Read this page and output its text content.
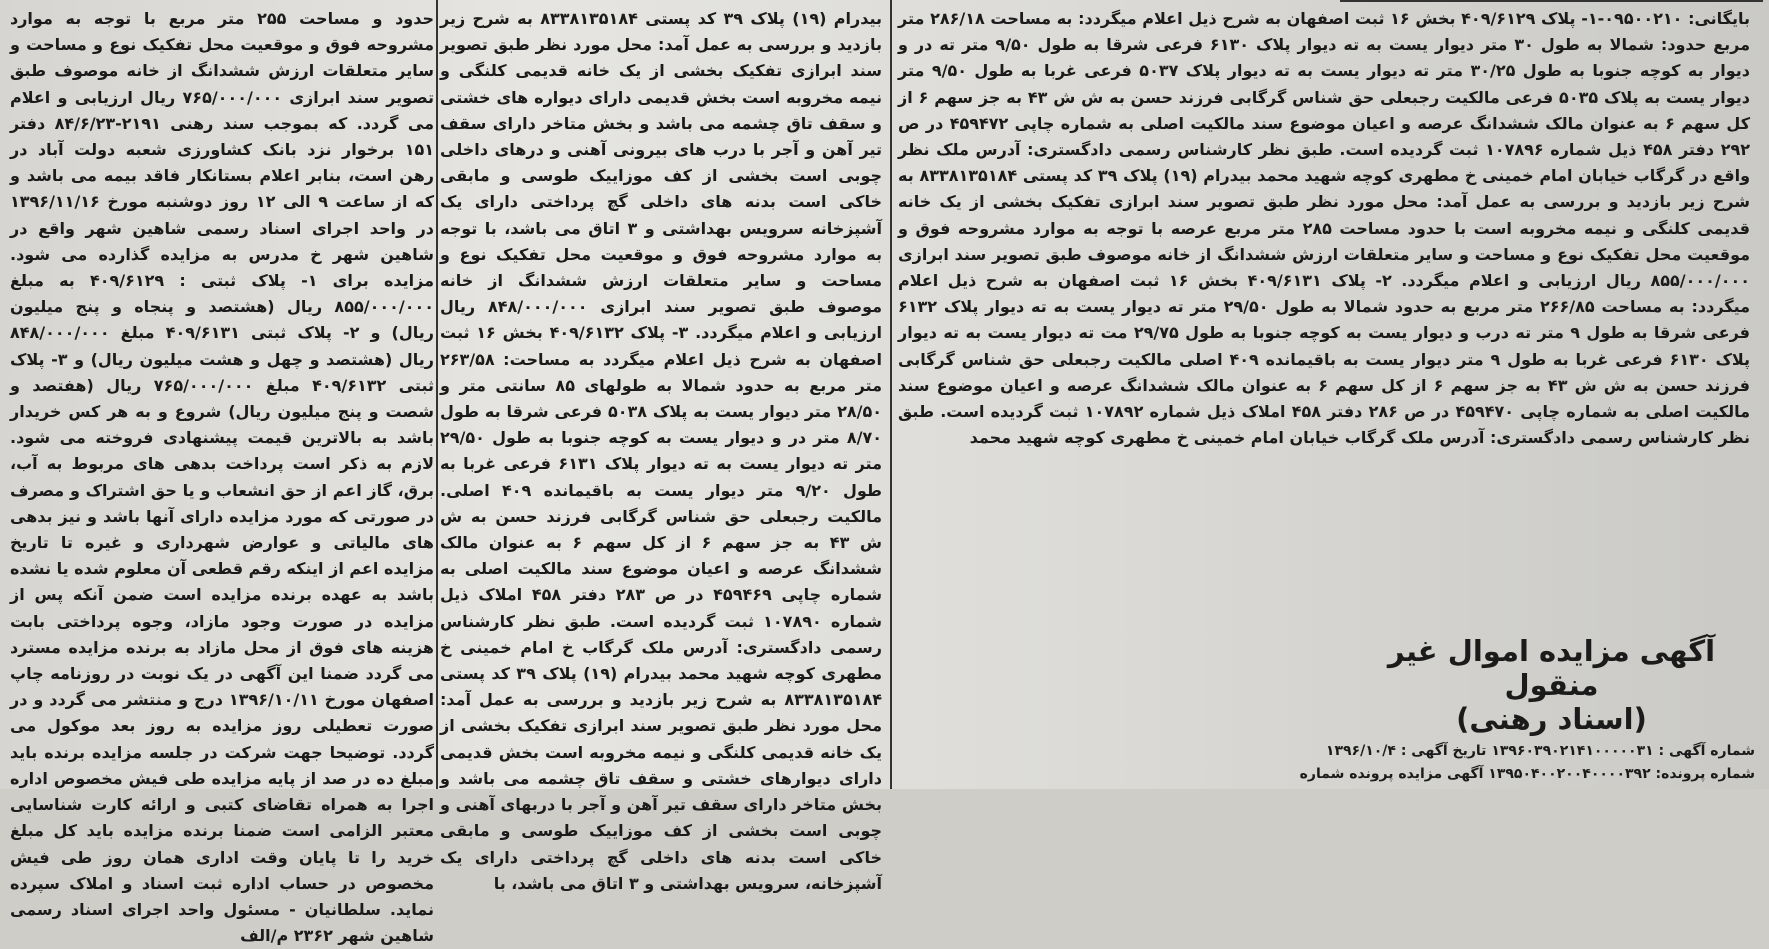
حدود و مساحت ۲۵۵ متر مربع با توجه به موارد مشروحه فوق و موقعیت محل تفکیک نوع و مساحت و سایر متعلقات ارزش ششدانگ از خانه موصوف طبق تصویر سند ابرازی ۷۶۵/۰۰۰/۰۰۰ ریال ارزیابی و اعلام می گردد. که بموجب سند رهنی ۲۱۹۱-۸۴/۶/۲۳ دفتر ۱۵۱ برخوار نزد بانک کشاورزی شعبه دولت آباد در رهن است، بنابر اعلام بستانکار فاقد بیمه می باشد و که از ساعت ۹ الی ۱۲ روز دوشنبه مورخ ۱۳۹۶/۱۱/۱۶ در واحد اجرای اسناد رسمی شاهین شهر واقع در شاهین شهر خ مدرس به مزایده گذارده می شود. مزایده برای ۱- پلاک ثبتی : ۴۰۹/۶۱۲۹ به مبلغ ۸۵۵/۰۰۰/۰۰۰ ریال (هشتصد و پنجاه و پنج میلیون ریال) و ۲- پلاک ثبتی ۴۰۹/۶۱۳۱ مبلغ ۸۴۸/۰۰۰/۰۰۰ ریال (هشتصد و چهل و هشت میلیون ریال) و ۳- پلاک ثبتی ۴۰۹/۶۱۳۲ مبلغ ۷۶۵/۰۰۰/۰۰۰ ریال (هفتصد و شصت و پنج میلیون ریال) شروع و به هر کس خریدار باشد به بالاترین قیمت پیشنهادی فروخته می شود. لازم به ذکر است پرداخت بدهی های مربوط به آب، برق، گاز اعم از حق انشعاب و یا حق اشتراک و مصرف در صورتی که مورد مزایده دارای آنها باشد و نیز بدهی های مالیاتی و عوارض شهرداری و غیره تا تاریخ مزایده اعم از اینکه رقم قطعی آن معلوم شده یا نشده باشد به عهده برنده مزایده است ضمن آنکه پس از مزایده در صورت وجود مازاد، وجوه پرداختی بابت هزینه های فوق از محل مازاد به برنده مزایده مسترد می گردد ضمنا این آگهی در یک نوبت در روزنامه چاپ اصفهان مورخ ۱۳۹۶/۱۰/۱۱ درج و منتشر می گردد و در صورت تعطیلی روز مزایده به روز بعد موکول می گردد. توضیحا جهت شرکت در جلسه مزایده برنده باید مبلغ ده در صد از پایه مزایده طی فیش مخصوص اداره اجرا به همراه تقاضای کتبی و ارائه کارت شناسایی معتبر الزامی است ضمنا برنده مزایده باید کل مبلغ خرید را تا پایان وقت اداری همان روز طی فیش مخصوص در حساب اداره ثبت اسناد و املاک سپرده نماید. سلطانیان - مسئول واحد اجرای اسناد رسمی شاهین شهر ۲۳۶۲ م/الف

بیدرام (۱۹) پلاک ۳۹ کد پستی ۸۳۳۸۱۳۵۱۸۴ به شرح زیر بازدید و بررسی به عمل آمد: محل مورد نظر طبق تصویر سند ابرازی تفکیک بخشی از یک خانه قدیمی کلنگی و نیمه مخروبه است بخش قدیمی دارای دیواره های خشتی و سقف تاق چشمه می باشد و بخش متاخر دارای سقف تیر آهن و آجر با درب های بیرونی آهنی و درهای داخلی چوبی است بخشی از کف موزاییک طوسی و مابقی خاکی است بدنه های داخلی گچ پرداختی دارای یک آشپزخانه سرویس بهداشتی و ۳ اتاق می باشد، با توجه به موارد مشروحه فوق و موقعیت محل تفکیک نوع و مساحت و سایر متعلقات ارزش ششدانگ از خانه موصوف طبق تصویر سند ابرازی ۸۴۸/۰۰۰/۰۰۰ ریال ارزیابی و اعلام میگردد. ۳- پلاک ۴۰۹/۶۱۳۲ بخش ۱۶ ثبت اصفهان به شرح ذیل اعلام میگردد به مساحت: ۲۶۳/۵۸ متر مربع به حدود شمالا به طولهای ۸۵ سانتی متر و ۲۸/۵۰ متر دیوار یست به پلاک ۵۰۳۸ فرعی شرقا به طول ۸/۷۰ متر در و دیوار یست به کوچه جنوبا به طول ۲۹/۵۰ متر ته دیوار یست به ته دیوار پلاک ۶۱۳۱ فرعی غربا به طول ۹/۲۰ متر دیوار یست به باقیمانده ۴۰۹ اصلی. مالکیت رجبعلی حق شناس گرگابی فرزند حسن به ش ش ۴۳ به جز سهم ۶ از کل سهم ۶ به عنوان مالک ششدانگ عرصه و اعیان موضوع سند مالکیت اصلی به شماره چاپی ۴۵۹۴۶۹ در ص ۲۸۳ دفتر ۴۵۸ املاک ذیل شماره ۱۰۷۸۹۰ ثبت گردیده است. طبق نظر کارشناس رسمی دادگستری: آدرس ملک گرگاب خ امام خمینی خ مطهری کوچه شهید محمد بیدرام (۱۹) پلاک ۳۹ کد پستی ۸۳۳۸۱۳۵۱۸۴ به شرح زیر بازدید و بررسی به عمل آمد: محل مورد نظر طبق تصویر سند ابرازی تفکیک بخشی از یک خانه قدیمی کلنگی و نیمه مخروبه است بخش قدیمی دارای دیوارهای خشتی و سقف تاق چشمه می باشد و بخش متاخر دارای سقف تیر آهن و آجر با دربهای آهنی و چوبی است بخشی از کف موزاییک طوسی و مابقی خاکی است بدنه های داخلی گچ پرداختی دارای یک آشپزخانه، سرویس بهداشتی و ۳ اتاق می باشد، با

بایگانی: ۰۹۵۰۰۲۱۰-۱- پلاک ۴۰۹/۶۱۲۹ بخش ۱۶ ثبت اصفهان به شرح ذیل اعلام میگردد: به مساحت ۲۸۶/۱۸ متر مربع حدود: شمالا به طول ۳۰ متر دیوار یست به ته دیوار پلاک ۶۱۳۰ فرعی شرقا به طول ۹/۵۰ متر ته در و دیوار به کوچه جنوبا به طول ۳۰/۲۵ متر ته دیوار یست به ته دیوار پلاک ۵۰۳۷ فرعی غربا به طول ۹/۵۰ متر دیوار یست به پلاک ۵۰۳۵ فرعی مالکیت رجبعلی حق شناس گرگابی فرزند حسن به ش ش ۴۳ به جز سهم ۶ از کل سهم ۶ به عنوان مالک ششدانگ عرصه و اعیان موضوع سند مالکیت اصلی به شماره چاپی ۴۵۹۴۷۲ در ص ۲۹۲ دفتر ۴۵۸ ذیل شماره ۱۰۷۸۹۶ ثبت گردیده است. طبق نظر کارشناس رسمی دادگستری: آدرس ملک نظر واقع در گرگاب خیابان امام خمینی خ مطهری کوچه شهید محمد بیدرام (۱۹) پلاک ۳۹ کد پستی ۸۳۳۸۱۳۵۱۸۴ به شرح زیر بازدید و بررسی به عمل آمد: محل مورد نظر طبق تصویر سند ابرازی تفکیک بخشی از یک خانه قدیمی کلنگی و نیمه مخروبه است با حدود مساحت ۲۸۵ متر مربع عرصه با توجه به موارد مشروحه فوق و موقعیت محل تفکیک نوع و مساحت و سایر متعلقات ارزش ششدانگ از خانه موصوف طبق تصویر سند ابرازی ۸۵۵/۰۰۰/۰۰۰ ریال ارزیابی و اعلام میگردد. ۲- پلاک ۴۰۹/۶۱۳۱ بخش ۱۶ ثبت اصفهان به شرح ذیل اعلام میگردد: به مساحت ۲۶۶/۸۵ متر مربع به حدود شمالا به طول ۲۹/۵۰ متر ته دیوار یست به ته دیوار پلاک ۶۱۳۲ فرعی شرقا به طول ۹ متر ته درب و دیوار یست به کوچه جنوبا به طول ۲۹/۷۵ مت ته دیوار یست به ته دیوار پلاک ۶۱۳۰ فرعی غربا به طول ۹ متر دیوار یست به باقیمانده ۴۰۹ اصلی مالکیت رجبعلی حق شناس گرگابی فرزند حسن به ش ش ۴۳ به جز سهم ۶ از کل سهم ۶ به عنوان مالک ششدانگ عرصه و اعیان موضوع سند مالکیت اصلی به شماره چاپی ۴۵۹۴۷۰ در ص ۲۸۶ دفتر ۴۵۸ املاک ذیل شماره ۱۰۷۸۹۲ ثبت گردیده است. طبق نظر کارشناس رسمی دادگستری: آدرس ملک گرگاب خیابان امام خمینی خ مطهری کوچه شهید محمد

آگهی مزایده اموال غیر منقول
(اسناد رهنی)
شماره آگهی : ۱۳۹۶۰۳۹۰۲۱۴۱۰۰۰۰۰۳۱ تاریخ آگهی : ۱۳۹۶/۱۰/۴
شماره پرونده: ۱۳۹۵۰۴۰۰۲۰۰۴۰۰۰۰۳۹۲ آگهی مزایده پرونده شماره
